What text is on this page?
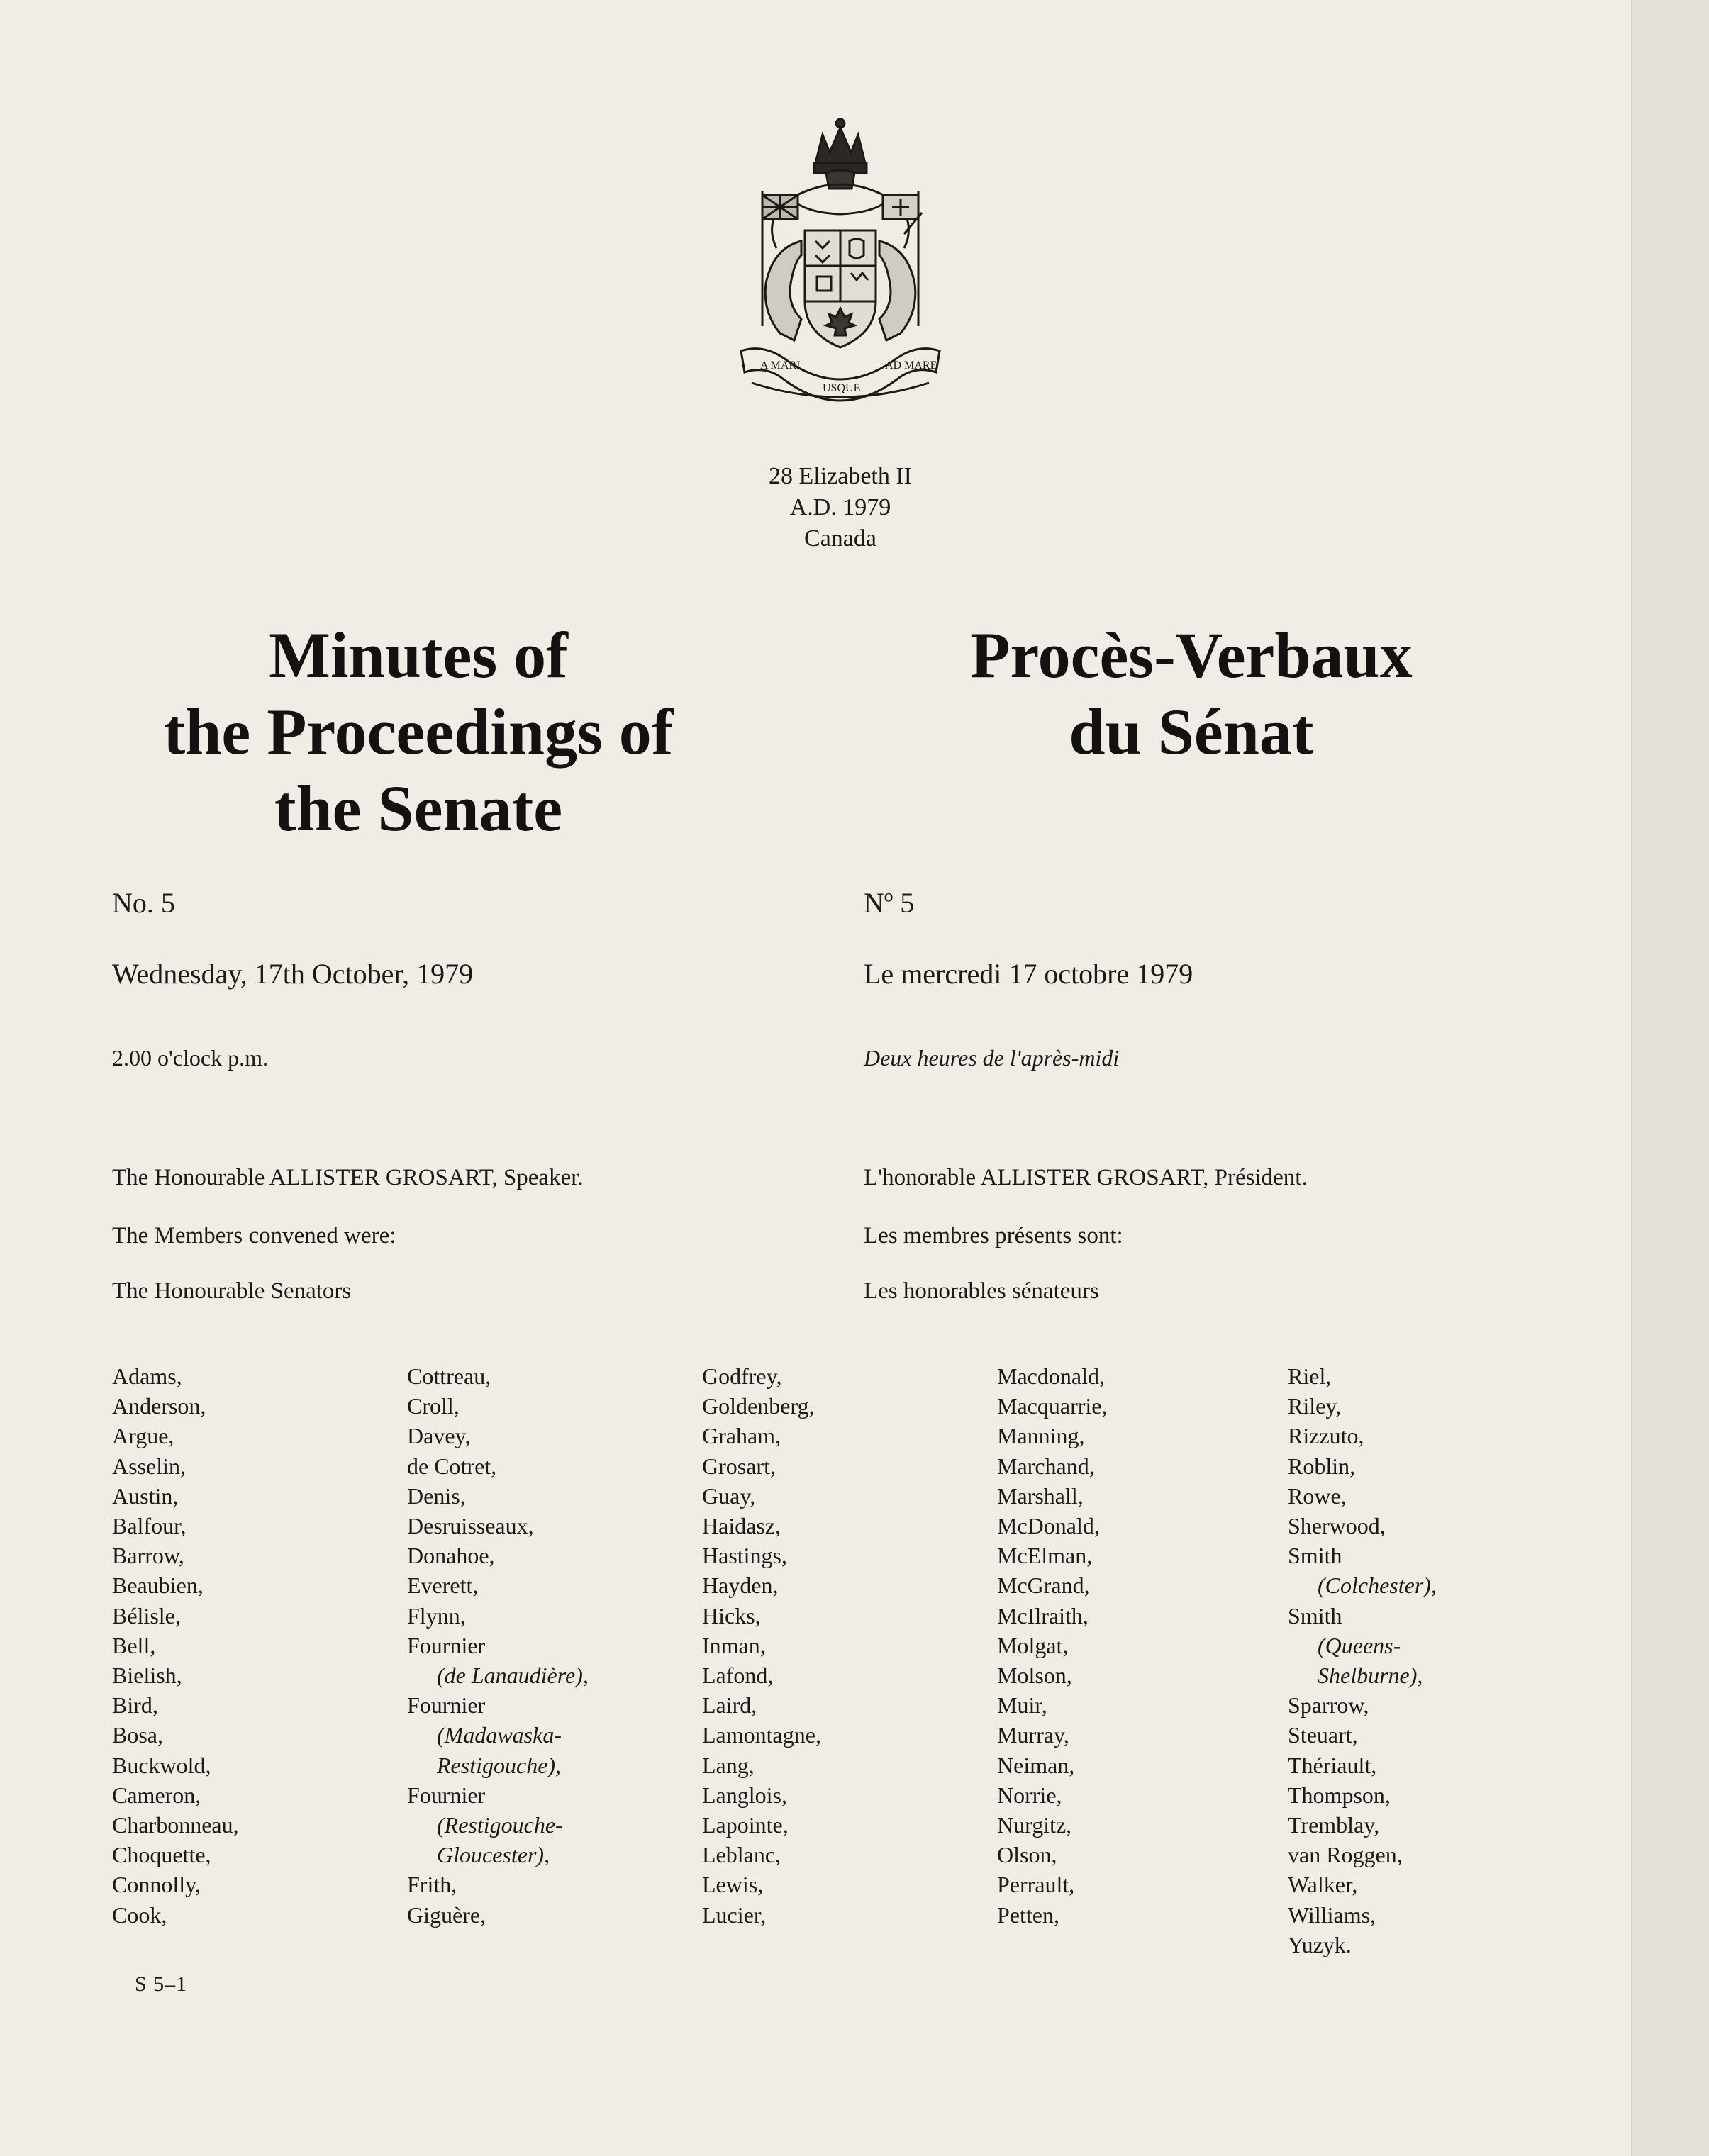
A MARI
USQUE
AD MARE

28 Elizabeth II

A.D. 1979

Canada

Minutes of
the Proceedings of
the Senate
Procès-Verbaux
du Sénat

No. 5	Nº 5

Wednesday, 17th October, 1979	Le mercredi 17 octobre 1979

2.00 o'clock p.m.	Deux heures de l'après-midi

The Honourable ALLISTER GROSART, Speaker.	L'honorable ALLISTER GROSART, Président.

The Members convened were:	Les membres présents sont:

The Honourable Senators	Les honorables sénateurs

Adams,
Anderson,
Argue,
Asselin,
Austin,
Balfour,
Barrow,
Beaubien,
Bélisle,
Bell,
Bielish,
Bird,
Bosa,
Buckwold,
Cameron,
Charbonneau,
Choquette,
Connolly,
Cook,
Cottreau,
Croll,
Davey,
de Cotret,
Denis,
Desruisseaux,
Donahoe,
Everett,
Flynn,
Fournier
(de Lanaudière),
Fournier
(Madawaska-
Restigouche),
Fournier
(Restigouche-
Gloucester),
Frith,
Giguère,
Godfrey,
Goldenberg,
Graham,
Grosart,
Guay,
Haidasz,
Hastings,
Hayden,
Hicks,
Inman,
Lafond,
Laird,
Lamontagne,
Lang,
Langlois,
Lapointe,
Leblanc,
Lewis,
Lucier,
Macdonald,
Macquarrie,
Manning,
Marchand,
Marshall,
McDonald,
McElman,
McGrand,
McIlraith,
Molgat,
Molson,
Muir,
Murray,
Neiman,
Norrie,
Nurgitz,
Olson,
Perrault,
Petten,
Riel,
Riley,
Rizzuto,
Roblin,
Rowe,
Sherwood,
Smith
(Colchester),
Smith
(Queens-
Shelburne),
Sparrow,
Steuart,
Thériault,
Thompson,
Tremblay,
van Roggen,
Walker,
Williams,
Yuzyk.

S 5–1
